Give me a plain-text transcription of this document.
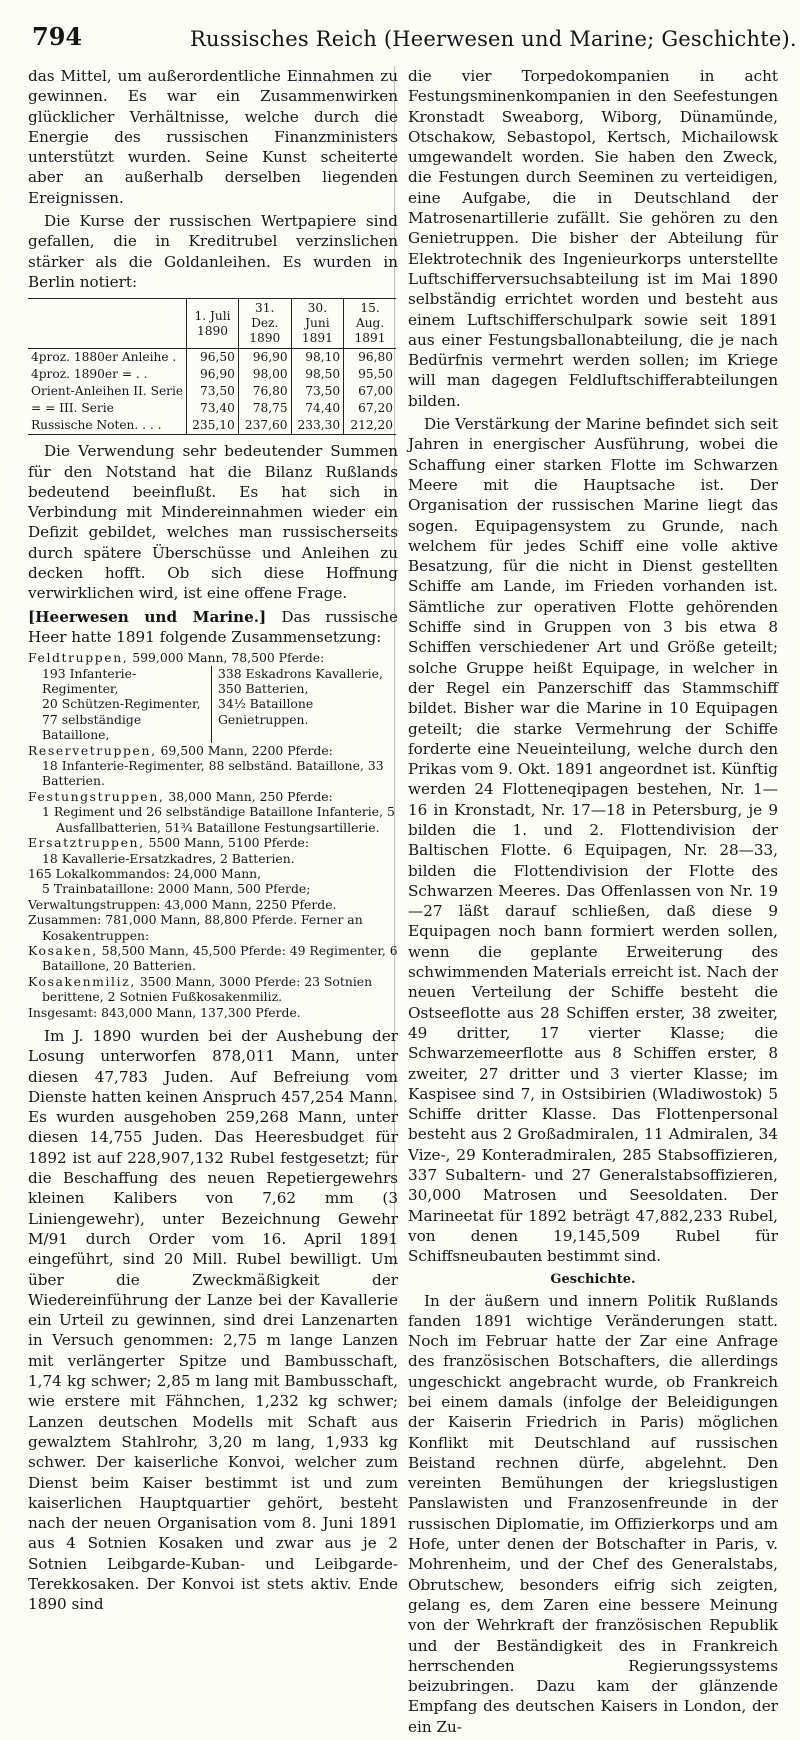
794	Russisches Reich (Heerwesen und Marine; Geschichte).

das Mittel, um außerordentliche Einnahmen zu gewinnen. Es war ein Zusammenwirken glücklicher Verhältnisse, welche durch die Energie des russischen Finanzministers unterstützt wurden. Seine Kunst scheiterte aber an außerhalb derselben liegenden Ereignissen.

Die Kurse der russischen Wertpapiere sind gefallen, die in Kreditrubel verzinslichen stärker als die Goldanleihen. Es wurden in Berlin notiert:

	1. Juli 1890	31. Dez. 1890	30. Juni 1891	15. Aug. 1891
4proz. 1880er Anleihe .	96,50	96,90	98,10	96,80
4proz. 1890er = . .	96,90	98,00	98,50	95,50
Orient-Anleihen II. Serie	73,50	76,80	73,50	67,00
= = III. Serie	73,40	78,75	74,40	67,20
Russische Noten. . . .	235,10	237,60	233,30	212,20

Die Verwendung sehr bedeutender Summen für den Notstand hat die Bilanz Rußlands bedeutend beeinflußt. Es hat sich in Verbindung mit Mindereinnahmen wieder ein Defizit gebildet, welches man russischerseits durch spätere Überschüsse und Anleihen zu decken hofft. Ob sich diese Hoffnung verwirklichen wird, ist eine offene Frage.

[Heerwesen und Marine.] Das russische Heer hatte 1891 folgende Zusammensetzung:

Feldtruppen, 599,000 Mann, 78,500 Pferde:

193 Infanterie-Regimenter,
20 Schützen-Regimenter,
77 selbständige Bataillone,
338 Eskadrons Kavallerie,
350 Batterien,
34½ Bataillone Genietruppen.

Reservetruppen, 69,500 Mann, 2200 Pferde:

18 Infanterie-Regimenter, 88 selbständ. Bataillone, 33 Batterien.

Festungstruppen, 38,000 Mann, 250 Pferde:

1 Regiment und 26 selbständige Bataillone Infanterie, 5 Ausfallbatterien, 51¾ Bataillone Festungsartillerie.

Ersatztruppen, 5500 Mann, 5100 Pferde:

18 Kavallerie-Ersatzkadres, 2 Batterien.

165 Lokalkommandos: 24,000 Mann,

5 Trainbataillone: 2000 Mann, 500 Pferde;

Verwaltungstruppen: 43,000 Mann, 2250 Pferde.

Zusammen: 781,000 Mann, 88,800 Pferde. Ferner an Kosakentruppen:

Kosaken, 58,500 Mann, 45,500 Pferde: 49 Regimenter, 6 Bataillone, 20 Batterien.

Kosakenmiliz, 3500 Mann, 3000 Pferde: 23 Sotnien berittene, 2 Sotnien Fußkosakenmiliz.

Insgesamt: 843,000 Mann, 137,300 Pferde.

Im J. 1890 wurden bei der Aushebung der Losung unterworfen 878,011 Mann, unter diesen 47,783 Juden. Auf Befreiung vom Dienste hatten keinen Anspruch 457,254 Mann. Es wurden ausgehoben 259,268 Mann, unter diesen 14,755 Juden. Das Heeresbudget für 1892 ist auf 228,907,132 Rubel festgesetzt; für die Beschaffung des neuen Repetiergewehrs kleinen Kalibers von 7,62 mm (3 Liniengewehr), unter Bezeichnung Gewehr M/91 durch Order vom 16. April 1891 eingeführt, sind 20 Mill. Rubel bewilligt. Um über die Zweckmäßigkeit der Wiedereinführung der Lanze bei der Kavallerie ein Urteil zu gewinnen, sind drei Lanzenarten in Versuch genommen: 2,75 m lange Lanzen mit verlängerter Spitze und Bambusschaft, 1,74 kg schwer; 2,85 m lang mit Bambusschaft, wie erstere mit Fähnchen, 1,232 kg schwer; Lanzen deutschen Modells mit Schaft aus gewalztem Stahlrohr, 3,20 m lang, 1,933 kg schwer. Der kaiserliche Konvoi, welcher zum Dienst beim Kaiser bestimmt ist und zum kaiserlichen Hauptquartier gehört, besteht nach der neuen Organisation vom 8. Juni 1891 aus 4 Sotnien Kosaken und zwar aus je 2 Sotnien Leibgarde-Kuban- und Leibgarde-Terekkosaken. Der Konvoi ist stets aktiv. Ende 1890 sind

die vier Torpedokompanien in acht Festungsminenkompanien in den Seefestungen Kronstadt Sweaborg, Wiborg, Dünamünde, Otschakow, Sebastopol, Kertsch, Michailowsk umgewandelt worden. Sie haben den Zweck, die Festungen durch Seeminen zu verteidigen, eine Aufgabe, die in Deutschland der Matrosenartillerie zufällt. Sie gehören zu den Genietruppen. Die bisher der Abteilung für Elektrotechnik des Ingenieurkorps unterstellte Luftschifferversuchsabteilung ist im Mai 1890 selbständig errichtet worden und besteht aus einem Luftschifferschulpark sowie seit 1891 aus einer Festungsballonabteilung, die je nach Bedürfnis vermehrt werden sollen; im Kriege will man dagegen Feldluftschifferabteilungen bilden.

Die Verstärkung der Marine befindet sich seit Jahren in energischer Ausführung, wobei die Schaffung einer starken Flotte im Schwarzen Meere mit die Hauptsache ist. Der Organisation der russischen Marine liegt das sogen. Equipagensystem zu Grunde, nach welchem für jedes Schiff eine volle aktive Besatzung, für die nicht in Dienst gestellten Schiffe am Lande, im Frieden vorhanden ist. Sämtliche zur operativen Flotte gehörenden Schiffe sind in Gruppen von 3 bis etwa 8 Schiffen verschiedener Art und Größe geteilt; solche Gruppe heißt Equipage, in welcher in der Regel ein Panzerschiff das Stammschiff bildet. Bisher war die Marine in 10 Equipagen geteilt; die starke Vermehrung der Schiffe forderte eine Neueinteilung, welche durch den Prikas vom 9. Okt. 1891 angeordnet ist. Künftig werden 24 Flotteneqipagen bestehen, Nr. 1—16 in Kronstadt, Nr. 17—18 in Petersburg, je 9 bilden die 1. und 2. Flottendivision der Baltischen Flotte. 6 Equipagen, Nr. 28—33, bilden die Flottendivision der Flotte des Schwarzen Meeres. Das Offenlassen von Nr. 19—27 läßt darauf schließen, daß diese 9 Equipagen noch bann formiert werden sollen, wenn die geplante Erweiterung des schwimmenden Materials erreicht ist. Nach der neuen Verteilung der Schiffe besteht die Ostseeflotte aus 28 Schiffen erster, 38 zweiter, 49 dritter, 17 vierter Klasse; die Schwarzemeerflotte aus 8 Schiffen erster, 8 zweiter, 27 dritter und 3 vierter Klasse; im Kaspisee sind 7, in Ostsibirien (Wladiwostok) 5 Schiffe dritter Klasse. Das Flottenpersonal besteht aus 2 Großadmiralen, 11 Admiralen, 34 Vize-, 29 Konteradmiralen, 285 Stabsoffizieren, 337 Subaltern- und 27 Generalstabsoffizieren, 30,000 Matrosen und Seesoldaten. Der Marineetat für 1892 beträgt 47,882,233 Rubel, von denen 19,145,509 Rubel für Schiffsneubauten bestimmt sind.

Geschichte.

In der äußern und innern Politik Rußlands fanden 1891 wichtige Veränderungen statt. Noch im Februar hatte der Zar eine Anfrage des französischen Botschafters, die allerdings ungeschickt angebracht wurde, ob Frankreich bei einem damals (infolge der Beleidigungen der Kaiserin Friedrich in Paris) möglichen Konflikt mit Deutschland auf russischen Beistand rechnen dürfe, abgelehnt. Den vereinten Bemühungen der kriegslustigen Panslawisten und Franzosenfreunde in der russischen Diplomatie, im Offizierkorps und am Hofe, unter denen der Botschafter in Paris, v. Mohrenheim, und der Chef des Generalstabs, Obrutschew, besonders eifrig sich zeigten, gelang es, dem Zaren eine bessere Meinung von der Wehrkraft der französischen Republik und der Beständigkeit des in Frankreich herrschenden Regierungssystems beizubringen. Dazu kam der glänzende Empfang des deutschen Kaisers in London, der ein Zu-
